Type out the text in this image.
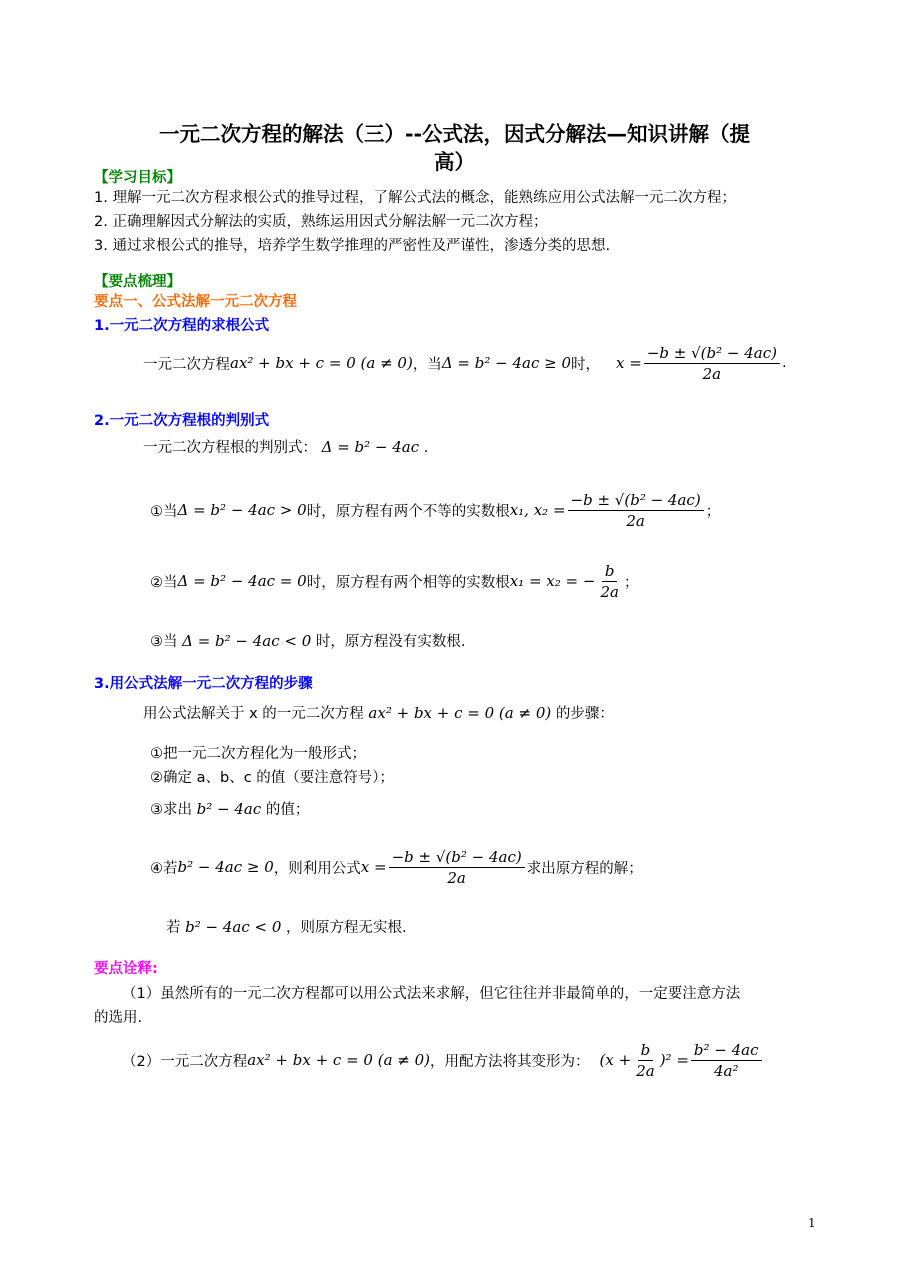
一元二次方程的解法（三）--公式法，因式分解法—知识讲解（提
高）
【学习目标】
1. 理解一元二次方程求根公式的推导过程，了解公式法的概念，能熟练应用公式法解一元二次方程；
2. 正确理解因式分解法的实质，熟练运用因式分解法解一元二次方程；
3. 通过求根公式的推导，培养学生数学推理的严密性及严谨性，渗透分类的思想.
【要点梳理】
要点一、公式法解一元二次方程
1.一元二次方程的求根公式
一元二次方程 ax² + bx + c = 0 (a ≠ 0) ，当 Δ = b² − 4ac ≥ 0 时， $x = \frac{\text{−b ± √(b² − 4ac)}}{2a}$ .
2.一元二次方程根的判别式
一元二次方程根的判别式： Δ = b² − 4ac .
①当 Δ = b² − 4ac > 0 时，原方程有两个不等的实数根 x₁, $x_2 = \frac{\text{−b ± √(b² − 4ac)}}{2a}$ ；
②当 Δ = b² − 4ac = 0 时，原方程有两个相等的实数根 x₁ = x₂ = − $\frac{b}{2a}$ ；
③当 Δ = b² − 4ac < 0 时，原方程没有实数根.
3.用公式法解一元二次方程的步骤
用公式法解关于 x 的一元二次方程 ax² + bx + c = 0 (a ≠ 0) 的步骤：
①把一元二次方程化为一般形式；
②确定 a、b、c 的值（要注意符号）；
③求出 b² − 4ac 的值；
④若 b² − 4ac ≥ 0 ，则利用公式 $x = \frac{\text{−b ± √(b² − 4ac)}}{2a}$ 求出原方程的解；
若 b² − 4ac < 0 ，则原方程无实根.
要点诠释:
（1）虽然所有的一元二次方程都可以用公式法来求解，但它往往并非最简单的，一定要注意方法
的选用.
（2）一元二次方程 ax² + bx + c = 0 (a ≠ 0) ，用配方法将其变形为： $(x + \frac{b}{2a} )^2 = \frac{\text{b² − 4ac}}{\text{4a²}}$
1
